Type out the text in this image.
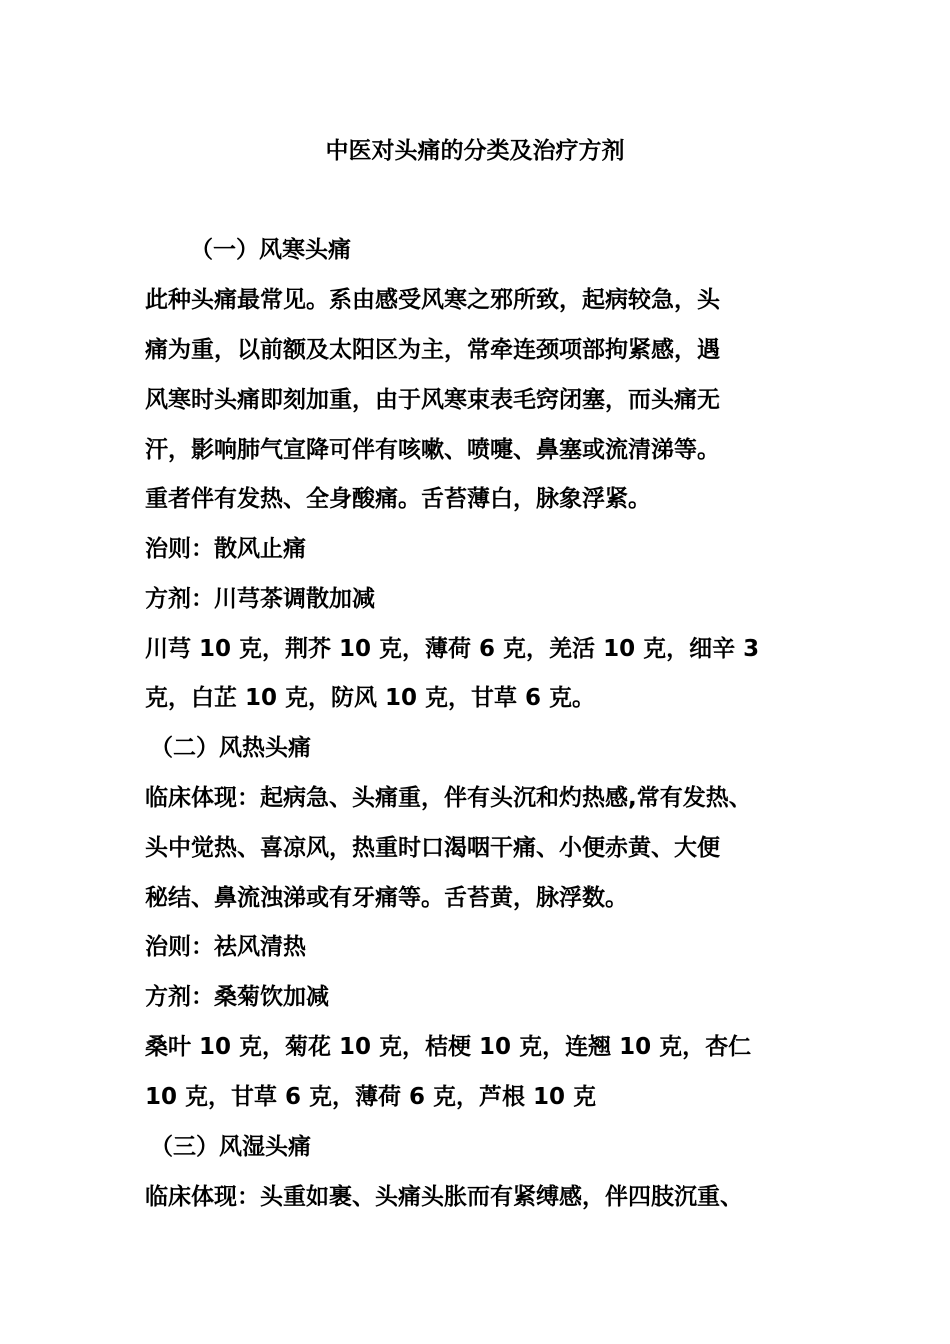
中医对头痛的分类及治疗方剂
（一）风寒头痛
此种头痛最常见。系由感受风寒之邪所致，起病较急，头
痛为重，以前额及太阳区为主，常牵连颈项部拘紧感，遇
风寒时头痛即刻加重，由于风寒束表毛窍闭塞，而头痛无
汗，影响肺气宣降可伴有咳嗽、喷嚏、鼻塞或流清涕等。
重者伴有发热、全身酸痛。舌苔薄白，脉象浮紧。
治则：散风止痛
方剂：川芎茶调散加减
川芎 10 克，荆芥 10 克，薄荷 6 克，羌活 10 克，细辛 3
克，白芷 10 克，防风 10 克，甘草 6 克。
（二）风热头痛
临床体现：起病急、头痛重，伴有头沉和灼热感,常有发热、
头中觉热、喜凉风，热重时口渴咽干痛、小便赤黄、大便
秘结、鼻流浊涕或有牙痛等。舌苔黄，脉浮数。
治则：祛风清热
方剂：桑菊饮加减
桑叶 10 克，菊花 10 克，桔梗 10 克，连翘 10 克，杏仁
10 克，甘草 6 克，薄荷 6 克，芦根 10 克
（三）风湿头痛
临床体现：头重如裹、头痛头胀而有紧缚感，伴四肢沉重、
